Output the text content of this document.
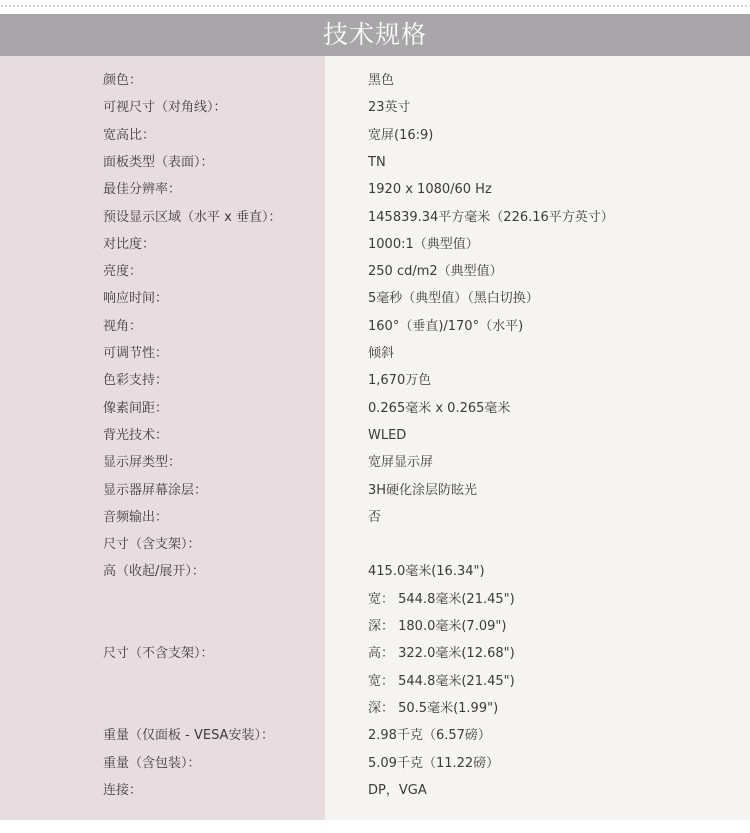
技术规格
颜色：	黑色
可视尺寸（对角线）：	23英寸
宽高比：	宽屏(16:9)
面板类型（表面）：	TN
最佳分辨率：	1920 x 1080/60 Hz
预设显示区域（水平 x 垂直）：	145839.34平方毫米（226.16平方英寸）
对比度：	1000:1（典型值）
亮度：	250 cd/m2（典型值）
响应时间：	5毫秒（典型值）（黑白切换）
视角：	160°（垂直)/170°（水平)
可调节性：	倾斜
色彩支持：	1,670万色
像素间距：	0.265毫米 x 0.265毫米
背光技术：	WLED
显示屏类型：	宽屏显示屏
显示器屏幕涂层：	3H硬化涂层防眩光
音频输出：	否
尺寸（含支架）：
高（收起/展开）：	415.0毫米(16.34")
宽： 544.8毫米(21.45")
深： 180.0毫米(7.09")
尺寸（不含支架）：	高： 322.0毫米(12.68")
宽： 544.8毫米(21.45")
深： 50.5毫米(1.99")
重量（仅面板 - VESA安装）：	2.98千克（6.57磅）
重量（含包装）：	5.09千克（11.22磅）
连接：	DP，VGA
